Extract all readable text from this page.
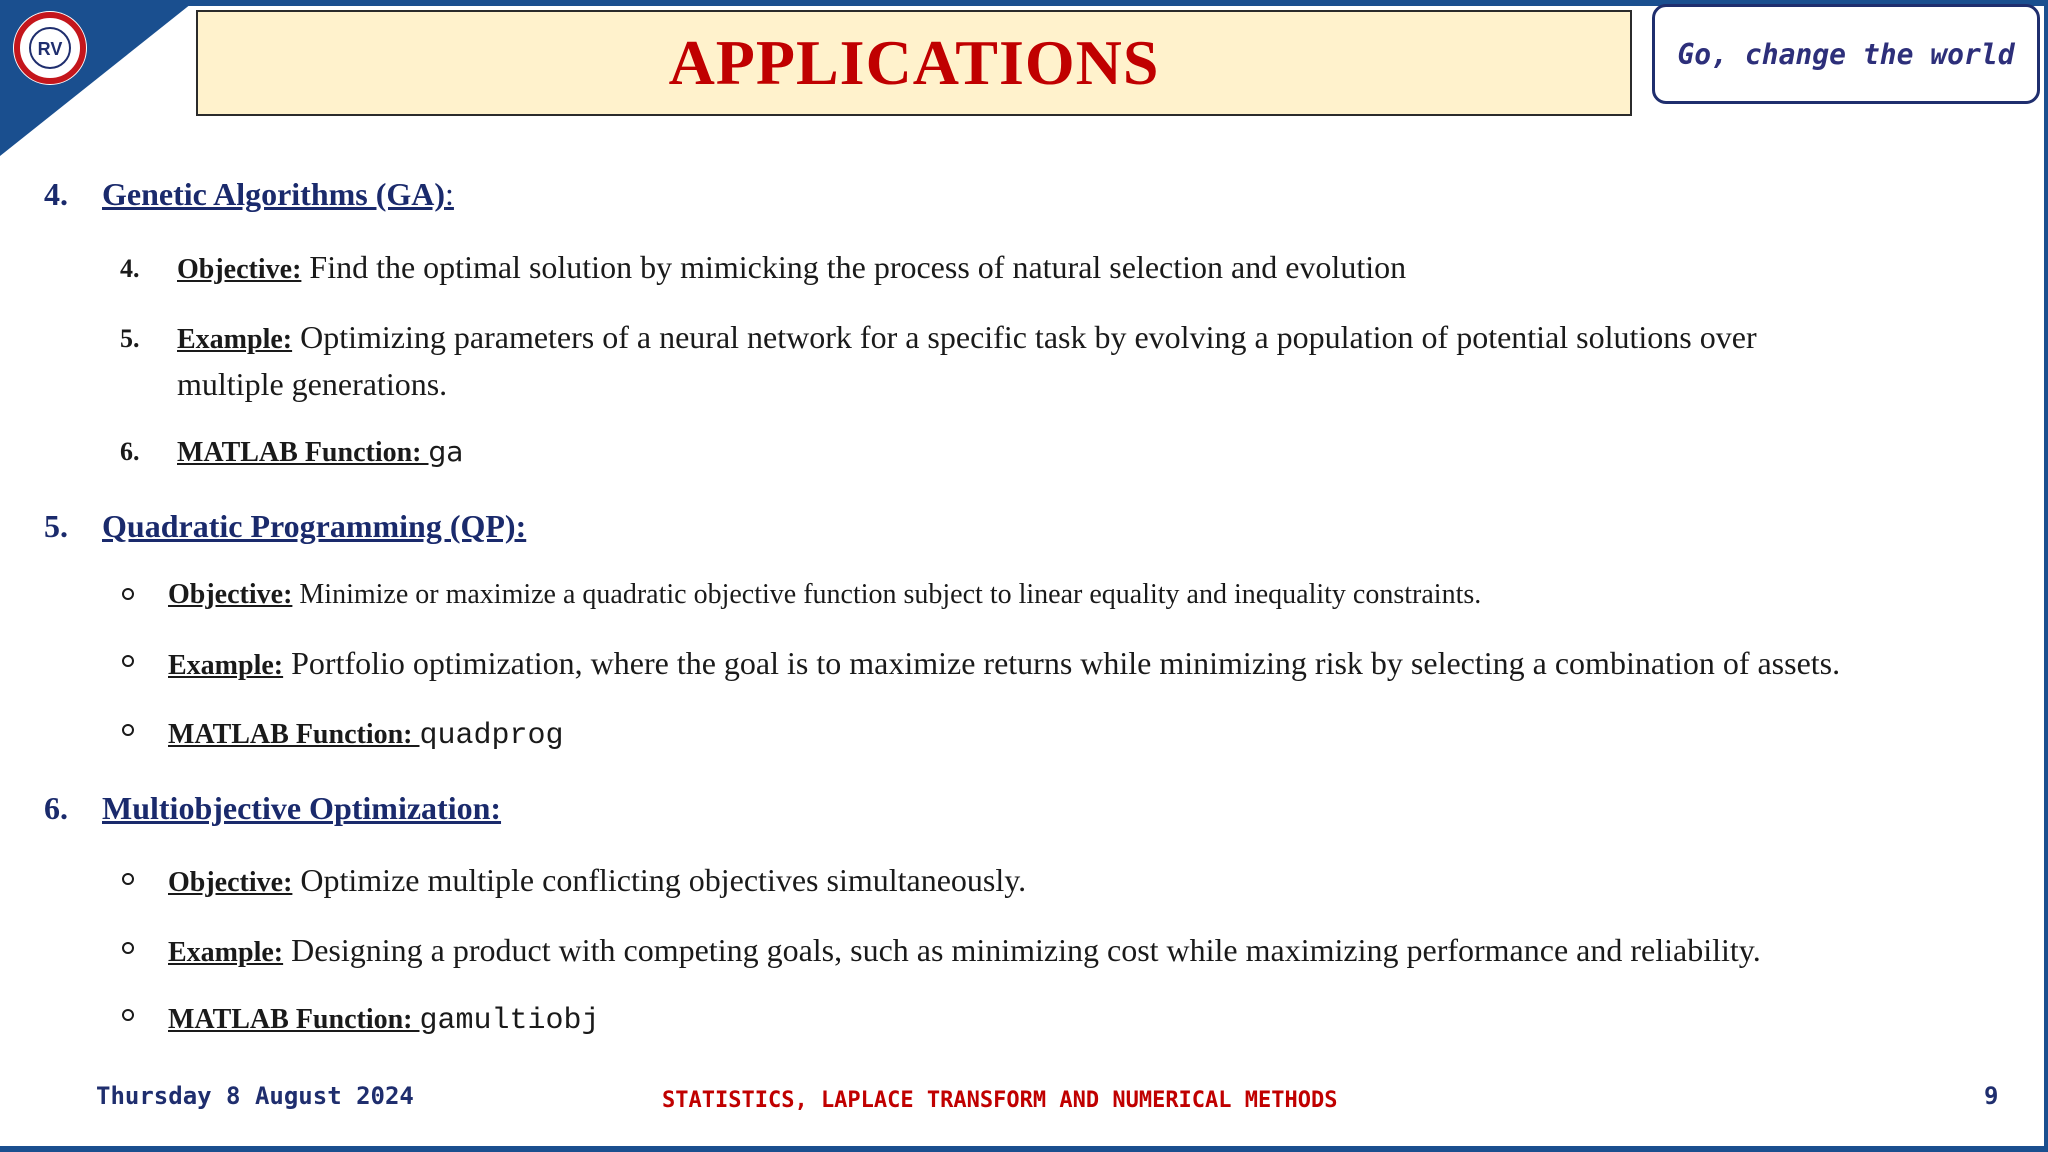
RV	APPLICATIONS	Go, change the world
4. Genetic Algorithms (GA):
4. Objective: Find the optimal solution by mimicking the process of natural selection and evolution
5. Example: Optimizing parameters of a neural network for a specific task by evolving a population of potential solutions over
multiple generations.
6. MATLAB Function: ga
5. Quadratic Programming (QP):
Objective: Minimize or maximize a quadratic objective function subject to linear equality and inequality constraints.
Example: Portfolio optimization, where the goal is to maximize returns while minimizing risk by selecting a combination of assets.
MATLAB Function: quadprog
6. Multiobjective Optimization:
Objective: Optimize multiple conflicting objectives simultaneously.
Example: Designing a product with competing goals, such as minimizing cost while maximizing performance and reliability.
MATLAB Function: gamultiobj
Thursday 8 August 2024	STATISTICS, LAPLACE TRANSFORM AND NUMERICAL METHODS	9
